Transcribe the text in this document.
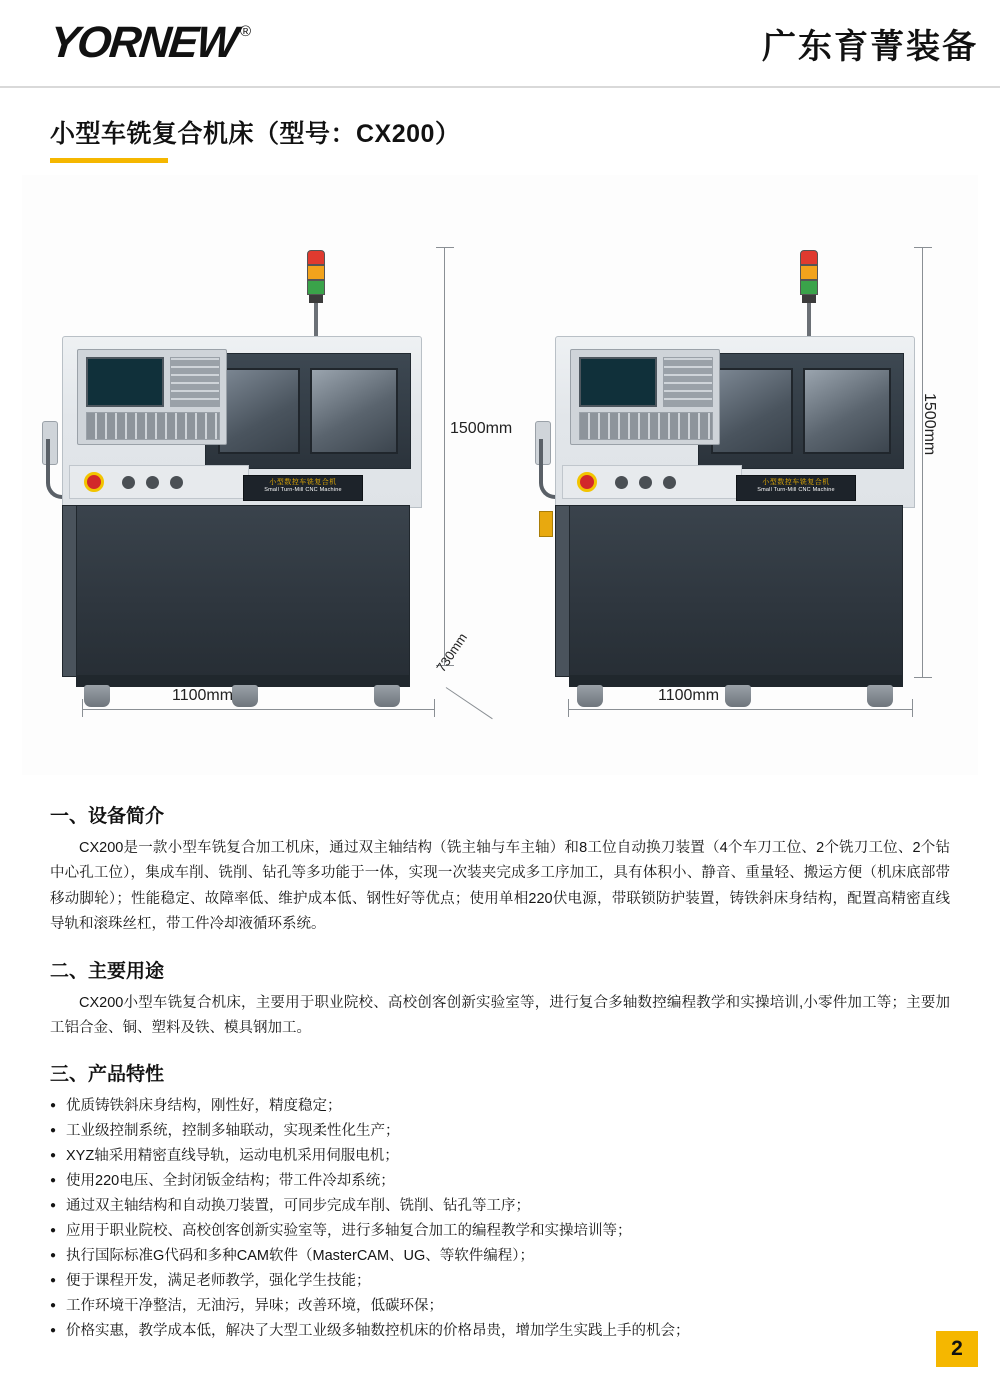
YORNEW ®	广东育菁装备
小型车铣复合机床（型号：CX200）
小型数控车铣复合机
Small Turn-Mill CNC Machine
1500mm
1100mm
730mm
小型数控车铣复合机
Small Turn-Mill CNC Machine
1500mm
1100mm
一、设备简介

CX200是一款小型车铣复合加工机床，通过双主轴结构（铣主轴与车主轴）和8工位自动换刀装置（4个车刀工位、2个铣刀工位、2个钻中心孔工位），集成车削、铣削、钻孔等多功能于一体，实现一次装夹完成多工序加工，具有体积小、静音、重量轻、搬运方便（机床底部带移动脚轮）；性能稳定、故障率低、维护成本低、钢性好等优点；使用单相220伏电源，带联锁防护装置，铸铁斜床身结构，配置高精密直线导轨和滚珠丝杠，带工件冷却液循环系统。

二、主要用途

CX200小型车铣复合机床，主要用于职业院校、高校创客创新实验室等，进行复合多轴数控编程教学和实操培训,小零件加工等；主要加工铝合金、铜、塑料及铁、模具钢加工。

三、产品特性
● 优质铸铁斜床身结构，刚性好，精度稳定；
● 工业级控制系统，控制多轴联动，实现柔性化生产；
● XYZ轴采用精密直线导轨，运动电机采用伺服电机；
● 使用220电压、全封闭钣金结构；带工件冷却系统；
● 通过双主轴结构和自动换刀装置，可同步完成车削、铣削、钻孔等工序；
● 应用于职业院校、高校创客创新实验室等，进行多轴复合加工的编程教学和实操培训等；
● 执行国际标准G代码和多种CAM软件（MasterCAM、UG、等软件编程）；
● 便于课程开发，满足老师教学，强化学生技能；
● 工作环境干净整洁，无油污，异味；改善环境，低碳环保；
● 价格实惠，教学成本低，解决了大型工业级多轴数控机床的价格昂贵，增加学生实践上手的机会；
2
